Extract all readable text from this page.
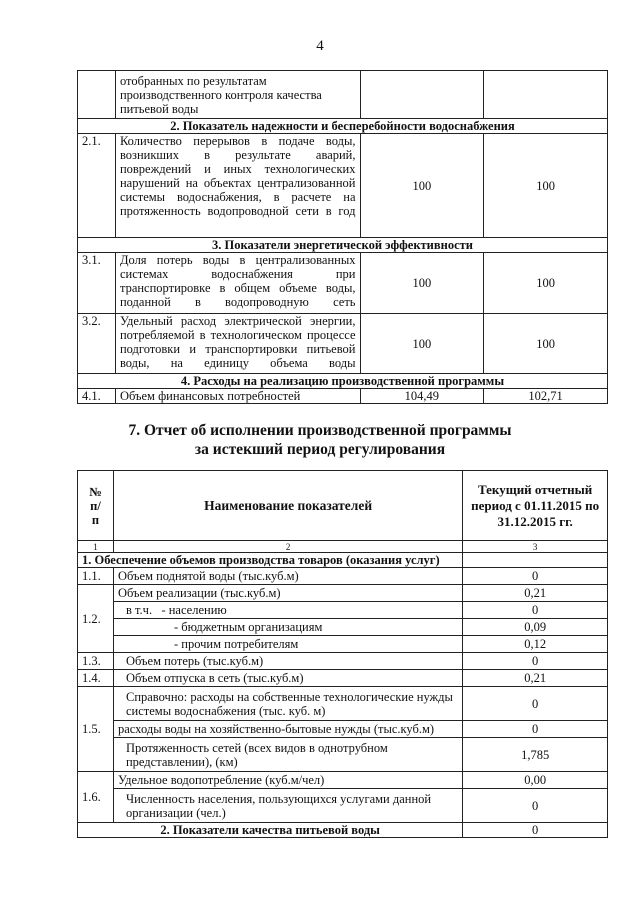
4
	отобранных по результатам производственного контроля качества питьевой воды		
2. Показатель надежности и бесперебойности водоснабжения			
2.1.	Количество перерывов в подаче воды, возникших в результате аварий, повреждений и иных технологических нарушений на объектах централизованной системы водоснабжения, в расчете на протяженность водопроводной сети в год	100	100
3. Показатели энергетической эффективности			
3.1.	Доля потерь воды в централизованных системах водоснабжения при транспортировке в общем объеме воды, поданной в водопроводную сеть	100	100
3.2.	Удельный расход электрической энергии, потребляемой в технологическом процессе подготовки и транспортировки питьевой воды, на единицу объема воды	100	100
4. Расходы на реализацию производственной программы			
4.1.	Объем финансовых потребностей	104,49	102,71
7. Отчет об исполнении производственной программы
за истекший период регулирования
№ п/п	Наименование показателей	Текущий отчетный период с 01.11.2015 по 31.12.2015 гг.
1	2	3
1. Обеспечение объемов производства товаров (оказания услуг)		
1.1.	Объем поднятой воды (тыс.куб.м)	0
1.2.	Объем реализации (тыс.куб.м)	0,21
	в т.ч. - населению	0
	- бюджетным организациям	0,09
	- прочим потребителям	0,12
1.3.	Объем потерь (тыс.куб.м)	0
1.4.	Объем отпуска в сеть (тыс.куб.м)	0,21
1.5.	Справочно: расходы на собственные технологические нужды системы водоснабжения (тыс. куб. м)	0
	расходы воды на хозяйственно-бытовые нужды (тыс.куб.м)	0
	Протяженность сетей (всех видов в однотрубном представлении), (км)	1,785
1.6.	Удельное водопотребление (куб.м/чел)	0,00
	Численность населения, пользующихся услугами данной организации (чел.)	0
2. Показатели качества питьевой воды		0
